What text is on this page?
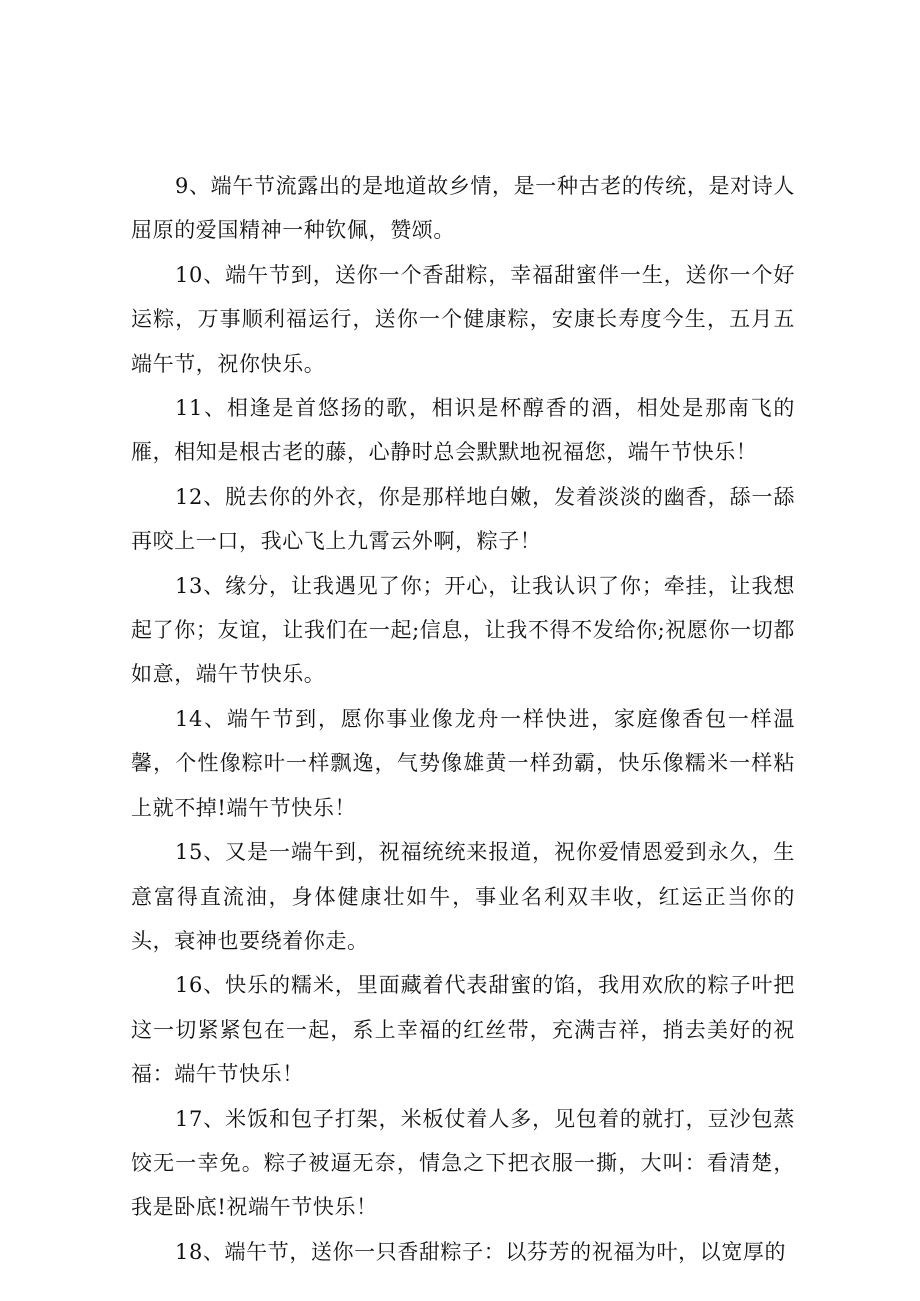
9、端午节流露出的是地道故乡情，是一种古老的传统，是对诗人屈原的爱国精神一种钦佩，赞颂。

10、端午节到，送你一个香甜粽，幸福甜蜜伴一生，送你一个好运粽，万事顺利福运行，送你一个健康粽，安康长寿度今生，五月五端午节，祝你快乐。

11、相逢是首悠扬的歌，相识是杯醇香的酒，相处是那南飞的雁，相知是根古老的藤，心静时总会默默地祝福您，端午节快乐！

12、脱去你的外衣，你是那样地白嫩，发着淡淡的幽香，舔一舔再咬上一口，我心飞上九霄云外啊，粽子！

13、缘分，让我遇见了你；开心，让我认识了你；牵挂，让我想起了你；友谊，让我们在一起;信息，让我不得不发给你;祝愿你一切都如意，端午节快乐。

14、端午节到，愿你事业像龙舟一样快进，家庭像香包一样温馨，个性像粽叶一样飘逸，气势像雄黄一样劲霸，快乐像糯米一样粘上就不掉!端午节快乐！

15、又是一端午到，祝福统统来报道，祝你爱情恩爱到永久，生意富得直流油，身体健康壮如牛，事业名利双丰收，红运正当你的头，衰神也要绕着你走。

16、快乐的糯米，里面藏着代表甜蜜的馅，我用欢欣的粽子叶把这一切紧紧包在一起，系上幸福的红丝带，充满吉祥，捎去美好的祝福：端午节快乐！

17、米饭和包子打架，米板仗着人多，见包着的就打，豆沙包蒸饺无一幸免。粽子被逼无奈，情急之下把衣服一撕，大叫：看清楚，我是卧底!祝端午节快乐！

18、端午节，送你一只香甜粽子：以芬芳的祝福为叶，以宽厚的
